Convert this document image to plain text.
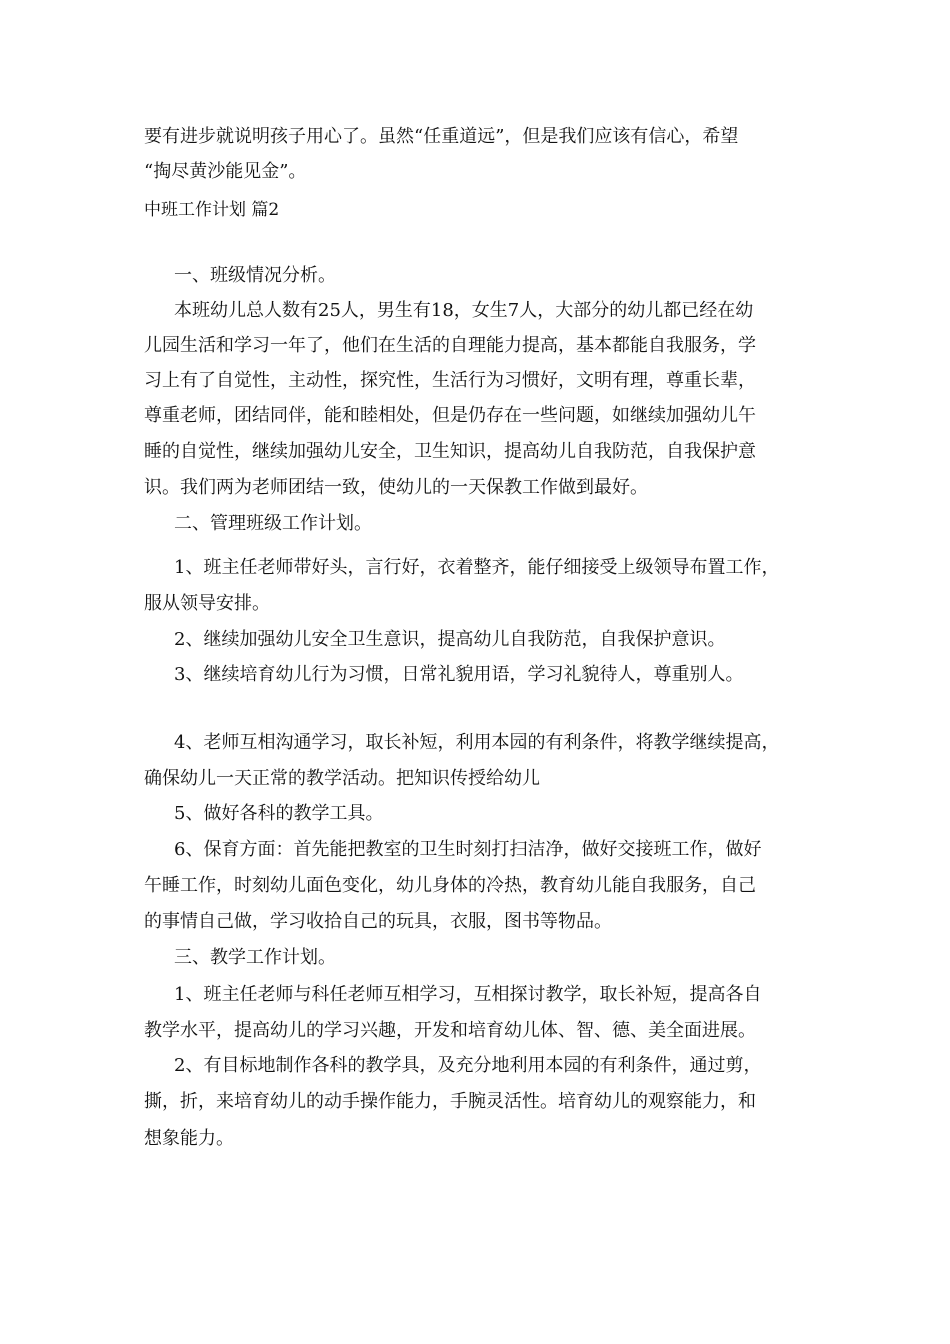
要有进步就说明孩子用心了。虽然“任重道远”，但是我们应该有信心，希望
“掏尽黄沙能见金”。
中班工作计划 篇2
一、班级情况分析。
本班幼儿总人数有25人，男生有18，女生7人，大部分的幼儿都已经在幼
儿园生活和学习一年了，他们在生活的自理能力提高，基本都能自我服务，学
习上有了自觉性，主动性，探究性，生活行为习惯好，文明有理，尊重长辈，
尊重老师，团结同伴，能和睦相处，但是仍存在一些问题，如继续加强幼儿午
睡的自觉性，继续加强幼儿安全，卫生知识，提高幼儿自我防范，自我保护意
识。我们两为老师团结一致，使幼儿的一天保教工作做到最好。
二、管理班级工作计划。
1、班主任老师带好头，言行好，衣着整齐，能仔细接受上级领导布置工作，
服从领导安排。
2、继续加强幼儿安全卫生意识，提高幼儿自我防范，自我保护意识。
3、继续培育幼儿行为习惯，日常礼貌用语，学习礼貌待人，尊重别人。
4、老师互相沟通学习，取长补短，利用本园的有利条件，将教学继续提高，
确保幼儿一天正常的教学活动。把知识传授给幼儿
5、做好各科的教学工具。
6、保育方面：首先能把教室的卫生时刻打扫洁净，做好交接班工作，做好
午睡工作，时刻幼儿面色变化，幼儿身体的冷热，教育幼儿能自我服务，自己
的事情自己做，学习收拾自己的玩具，衣服，图书等物品。
三、教学工作计划。
1、班主任老师与科任老师互相学习，互相探讨教学，取长补短，提高各自
教学水平，提高幼儿的学习兴趣，开发和培育幼儿体、智、德、美全面进展。
2、有目标地制作各科的教学具，及充分地利用本园的有利条件，通过剪，
撕，折，来培育幼儿的动手操作能力，手腕灵活性。培育幼儿的观察能力，和
想象能力。
